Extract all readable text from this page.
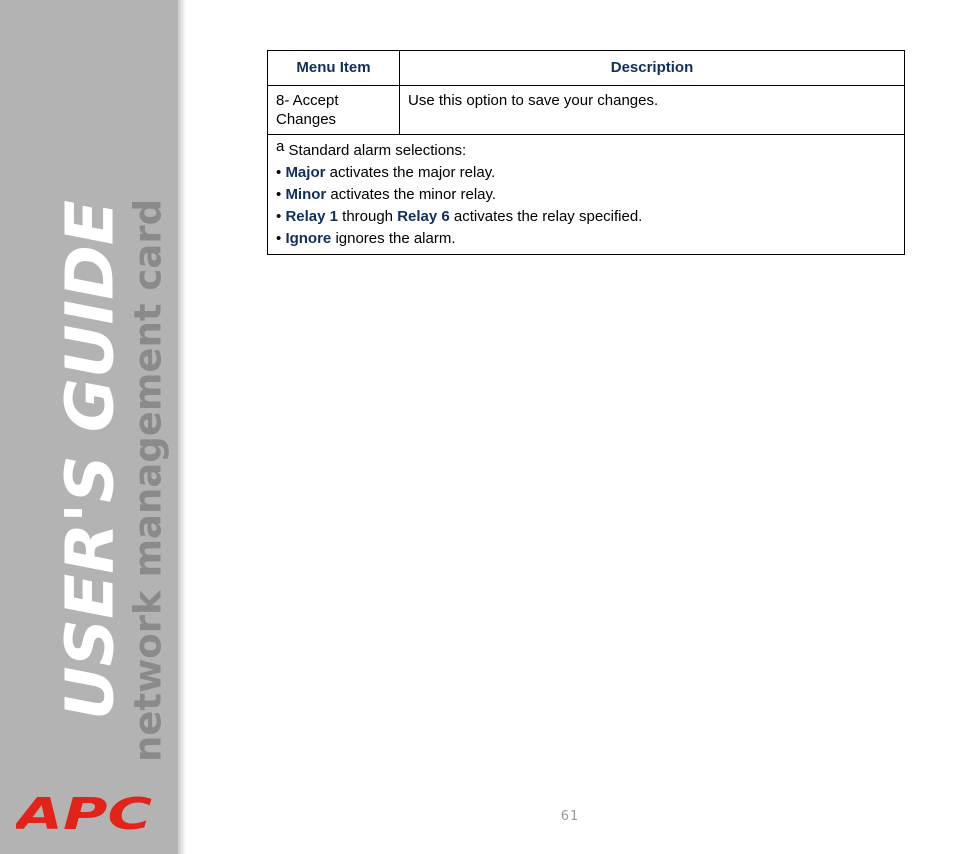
USER'S GUIDE
network management card
APC
Menu Item	Description
8- Accept Changes	Use this option to save your changes.

a Standard alarm selections:
• Major activates the major relay.
• Minor activates the minor relay.
• Relay 1 through Relay 6 activates the relay specified.
• Ignore ignores the alarm.	
61
